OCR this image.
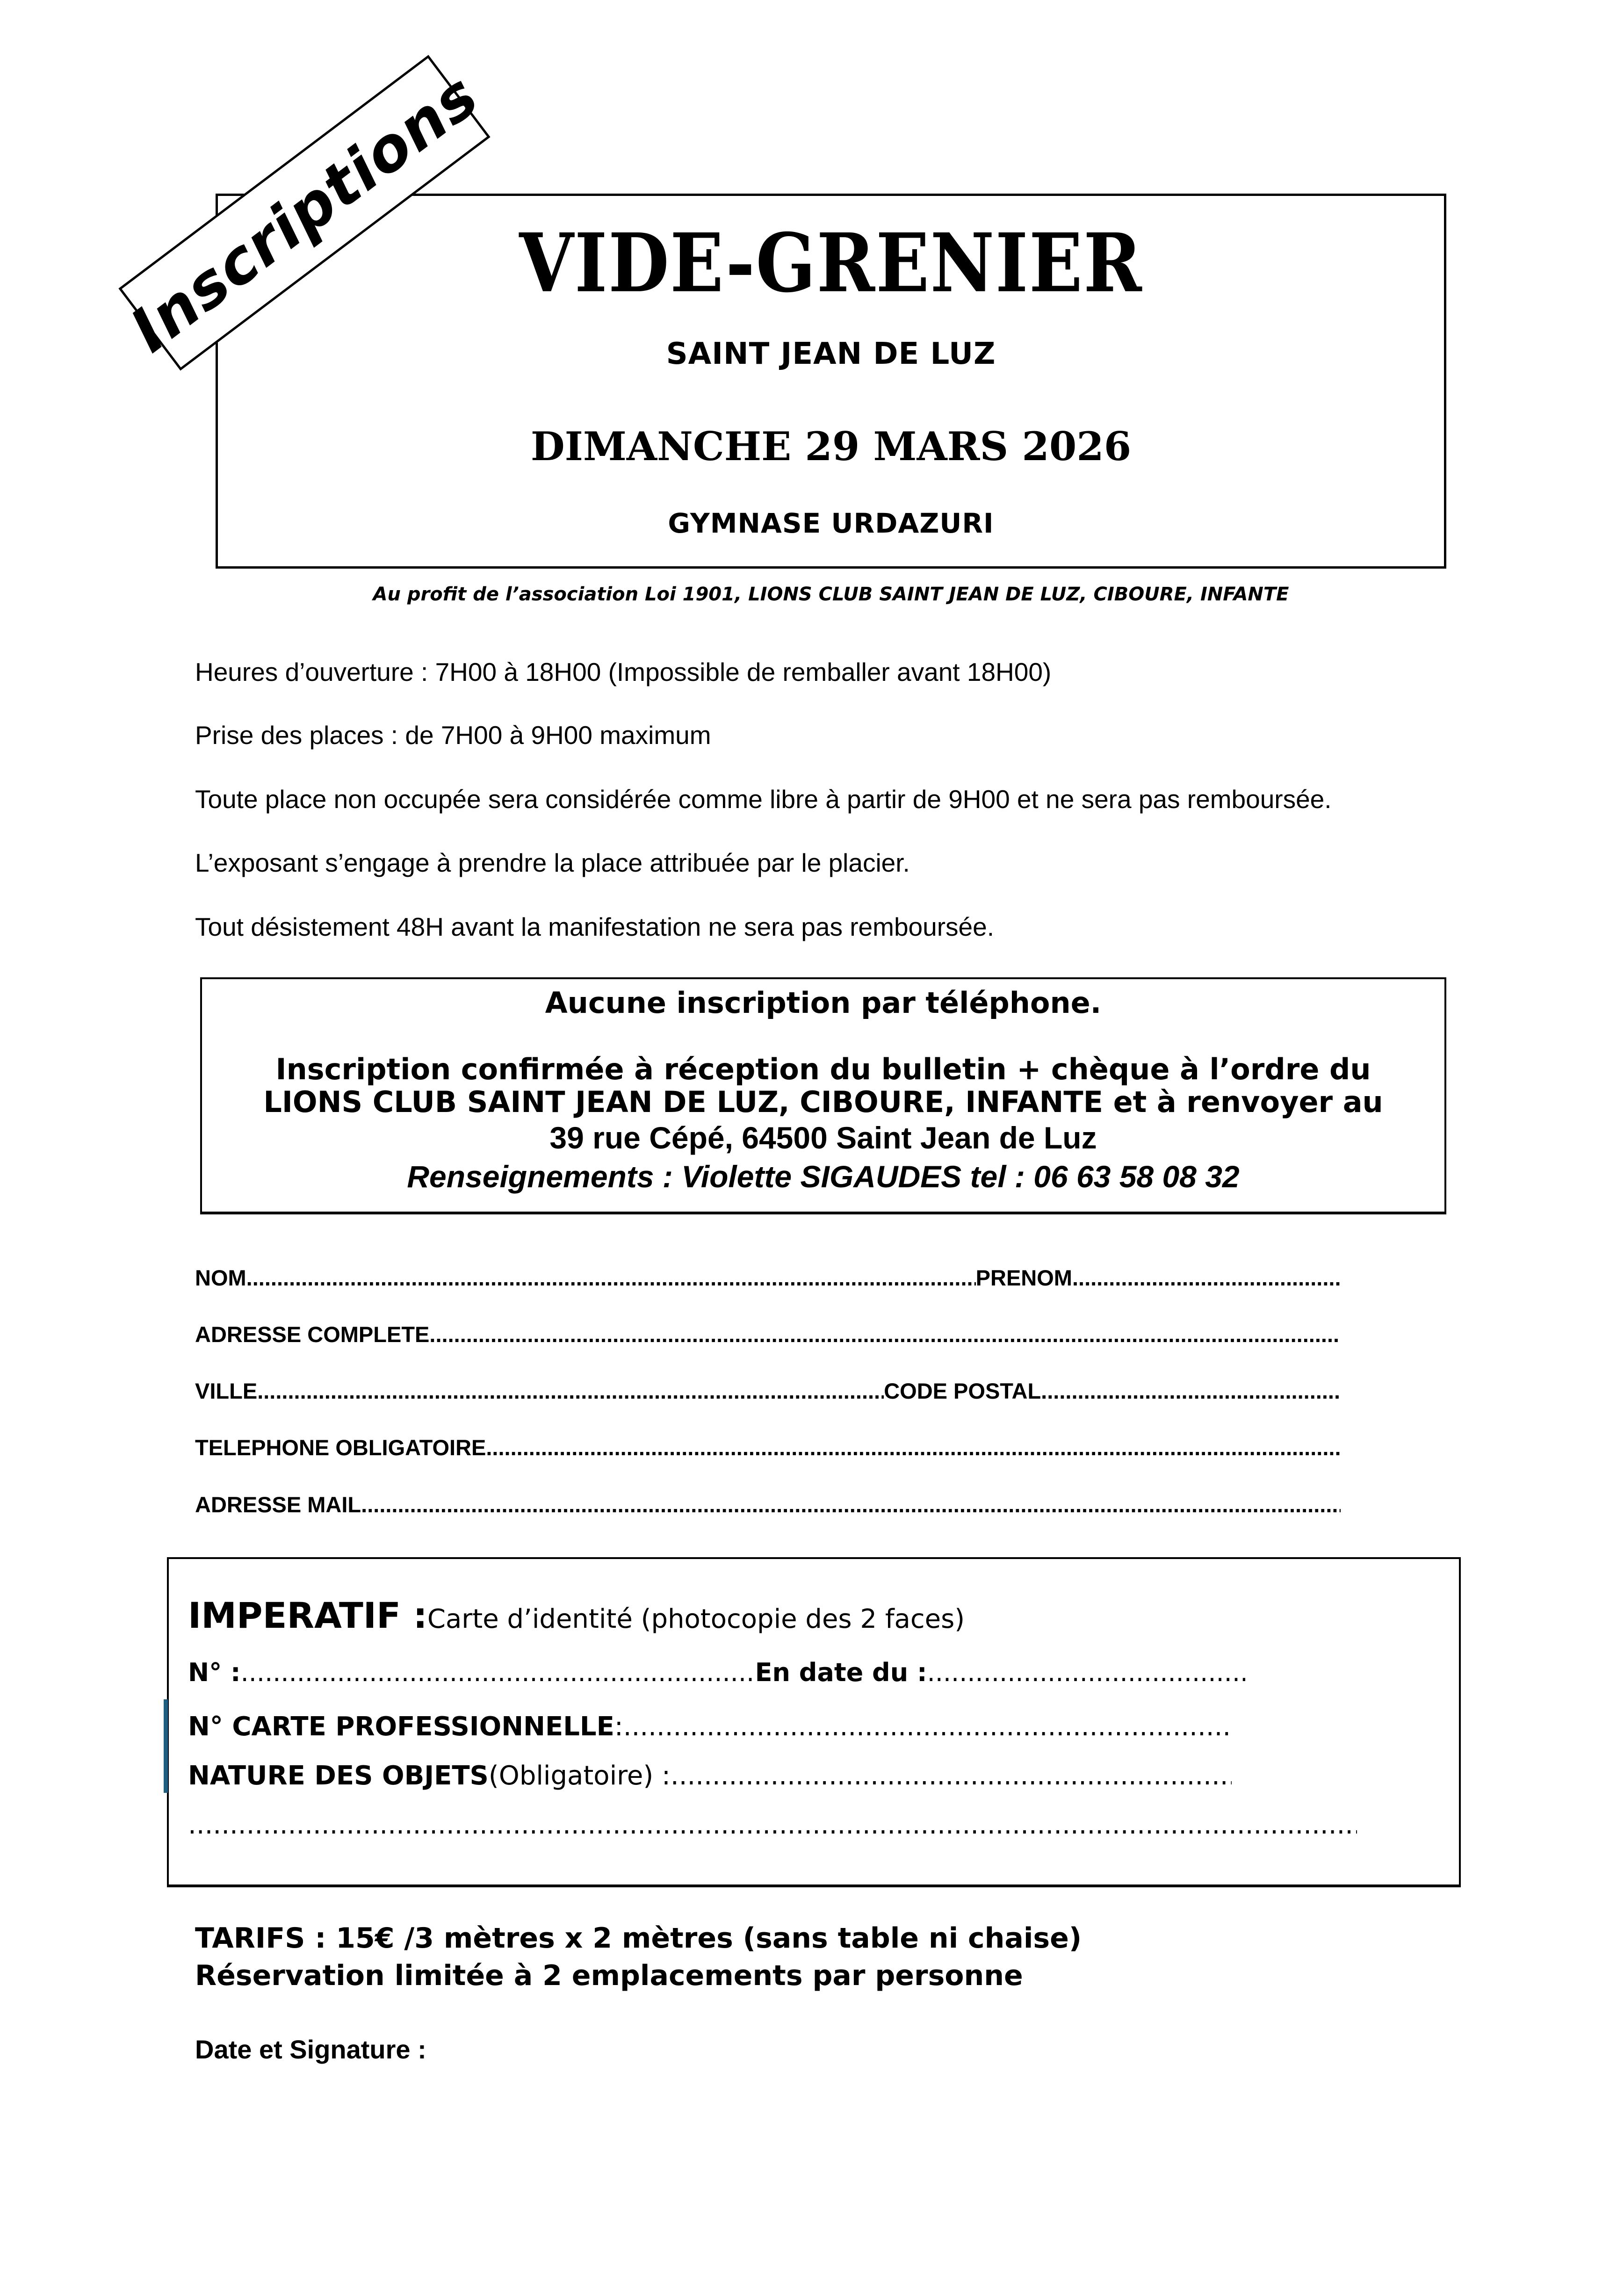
VIDE-GRENIER
SAINT JEAN DE LUZ
DIMANCHE 29 MARS 2026
GYMNASE URDAZURI
Inscriptions
Au profit de l’association Loi 1901, LIONS CLUB SAINT JEAN DE LUZ, CIBOURE, INFANTE
Heures d’ouverture : 7H00 à 18H00 (Impossible de remballer avant 18H00)
Prise des places : de 7H00 à 9H00 maximum
Toute place non occupée sera considérée comme libre à partir de 9H00 et ne sera pas remboursée.
L’exposant s’engage à prendre la place attribuée par le placier.
Tout désistement 48H avant la manifestation ne sera pas remboursée.
Aucune inscription par téléphone.
Inscription confirmée à réception du bulletin + chèque à l’ordre du
LIONS CLUB SAINT JEAN DE LUZ, CIBOURE, INFANTE et à renvoyer au
39 rue Cépé, 64500 Saint Jean de Luz
Renseignements : Violette SIGAUDES tel : 06 63 58 08 32
NOM .....	PRENOM
.....
ADRESSE COMPLETE
.....
VILLE .....	CODE POSTAL
.....
TELEPHONE OBLIGATOIRE
.....
ADRESSE MAIL
.....
IMPERATIF : Carte d’identité (photocopie des 2 faces)
N° : .....	En date du :
.....
N° CARTE PROFESSIONNELLE :
.....
NATURE DES OBJETS (Obligatoire) :
.....
.....
TARIFS : 15€ /3 mètres x 2 mètres (sans table ni chaise)
Réservation limitée à 2 emplacements par personne
Date et Signature :
